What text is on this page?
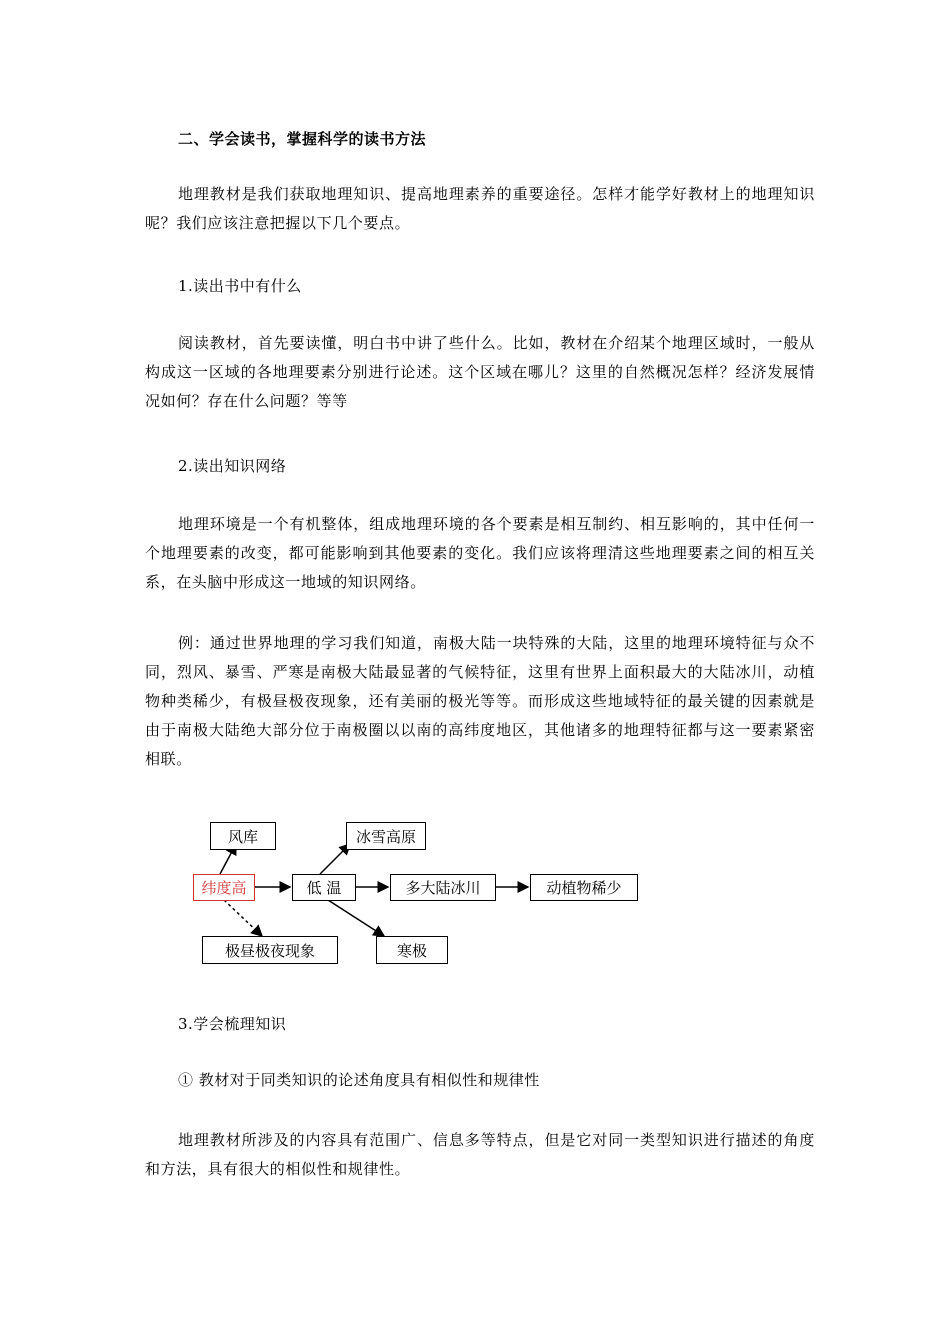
二、学会读书，掌握科学的读书方法

地理教材是我们获取地理知识、提高地理素养的重要途径。怎样才能学好教材上的地理知识呢？我们应该注意把握以下几个要点。

1.读出书中有什么

阅读教材，首先要读懂，明白书中讲了些什么。比如，教材在介绍某个地理区域时，一般从构成这一区域的各地理要素分别进行论述。这个区域在哪儿？这里的自然概况怎样？经济发展情况如何？存在什么问题？等等

2.读出知识网络

地理环境是一个有机整体，组成地理环境的各个要素是相互制约、相互影响的，其中任何一个地理要素的改变，都可能影响到其他要素的变化。我们应该将理清这些地理要素之间的相互关系，在头脑中形成这一地域的知识网络。

例：通过世界地理的学习我们知道，南极大陆一块特殊的大陆，这里的地理环境特征与众不同，烈风、暴雪、严寒是南极大陆最显著的气候特征，这里有世界上面积最大的大陆冰川，动植物种类稀少，有极昼极夜现象，还有美丽的极光等等。而形成这些地域特征的最关键的因素就是由于南极大陆绝大部分位于南极圈以以南的高纬度地区，其他诸多的地理特征都与这一要素紧密相联。

风库	冰雪高原
纬度高	低 温	多大陆冰川	动植物稀少
极昼极夜现象	寒极
3.学会梳理知识
① 教材对于同类知识的论述角度具有相似性和规律性

地理教材所涉及的内容具有范围广、信息多等特点，但是它对同一类型知识进行描述的角度和方法，具有很大的相似性和规律性。
